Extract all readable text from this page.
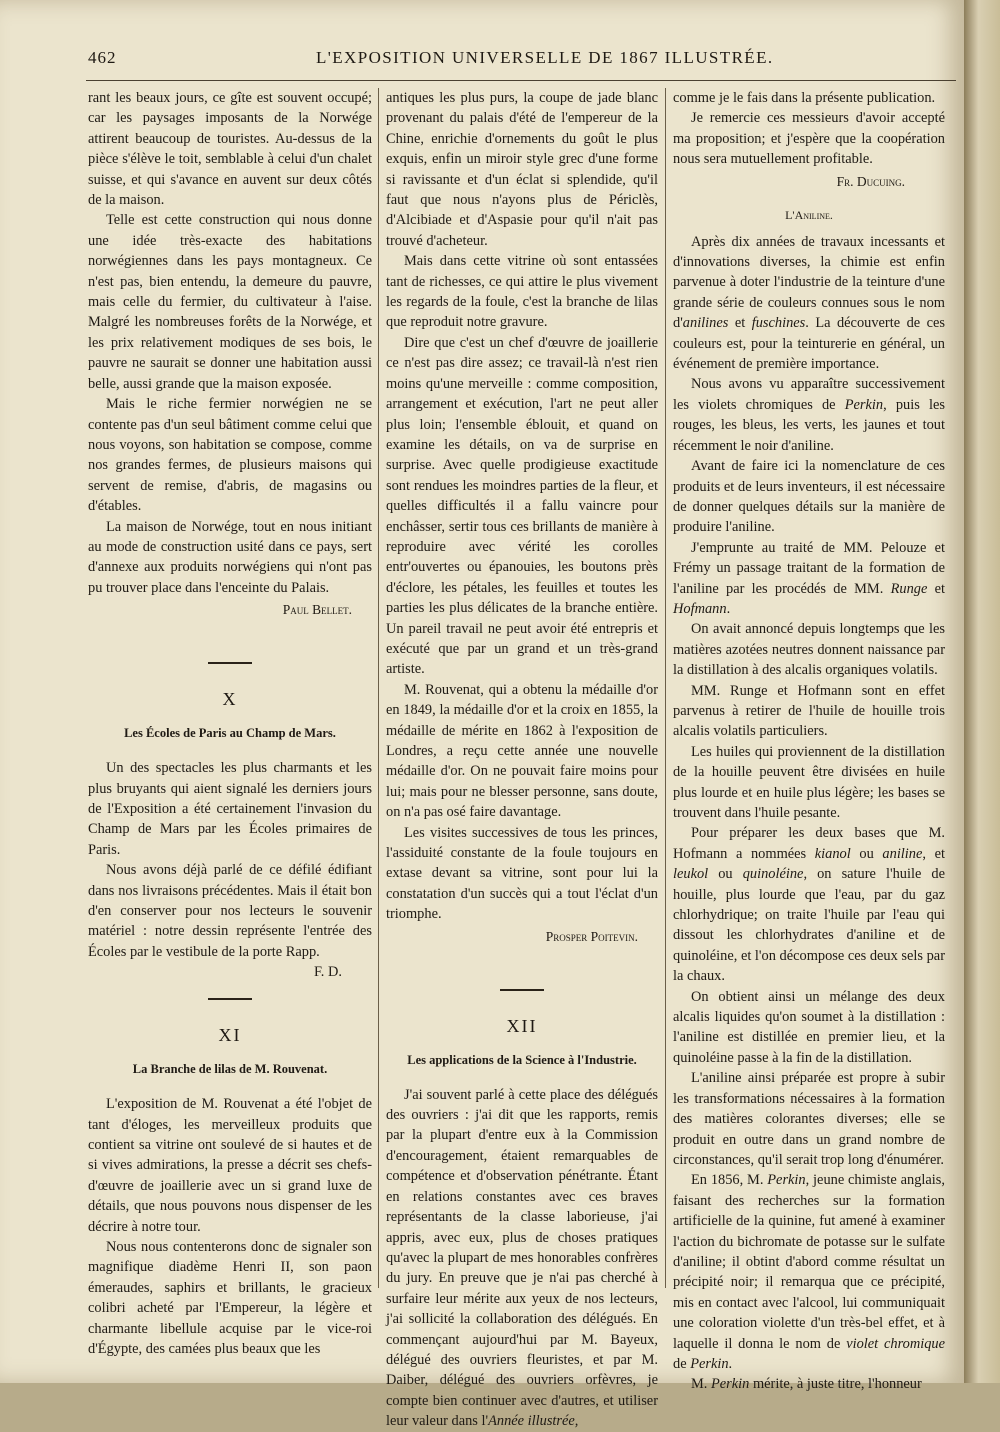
462	L'EXPOSITION UNIVERSELLE DE 1867 ILLUSTRÉE.

rant les beaux jours, ce gîte est souvent occupé; car les paysages imposants de la Norwége attirent beaucoup de touristes. Au-dessus de la pièce s'élève le toit, semblable à celui d'un chalet suisse, et qui s'avance en auvent sur deux côtés de la maison.

Telle est cette construction qui nous donne une idée très-exacte des habitations norwégiennes dans les pays montagneux. Ce n'est pas, bien entendu, la demeure du pauvre, mais celle du fermier, du cultivateur à l'aise. Malgré les nombreuses forêts de la Norwége, et les prix relativement modiques de ses bois, le pauvre ne saurait se donner une habitation aussi belle, aussi grande que la maison exposée.

Mais le riche fermier norwégien ne se contente pas d'un seul bâtiment comme celui que nous voyons, son habitation se compose, comme nos grandes fermes, de plusieurs maisons qui servent de remise, d'abris, de magasins ou d'étables.

La maison de Norwége, tout en nous initiant au mode de construction usité dans ce pays, sert d'annexe aux produits norwégiens qui n'ont pas pu trouver place dans l'enceinte du Palais.

Paul Bellet.
X
Les Écoles de Paris au Champ de Mars.

Un des spectacles les plus charmants et les plus bruyants qui aient signalé les derniers jours de l'Exposition a été certainement l'invasion du Champ de Mars par les Écoles primaires de Paris.

Nous avons déjà parlé de ce défilé édifiant dans nos livraisons précédentes. Mais il était bon d'en conserver pour nos lecteurs le souvenir matériel : notre dessin représente l'entrée des Écoles par le vestibule de la porte Rapp.
F. D.

XI
La Branche de lilas de M. Rouvenat.

L'exposition de M. Rouvenat a été l'objet de tant d'éloges, les merveilleux produits que contient sa vitrine ont soulevé de si hautes et de si vives admirations, la presse a décrit ses chefs-d'œuvre de joaillerie avec un si grand luxe de détails, que nous pouvons nous dispenser de les décrire à notre tour.

Nous nous contenterons donc de signaler son magnifique diadème Henri II, son paon émeraudes, saphirs et brillants, le gracieux colibri acheté par l'Empereur, la légère et charmante libellule acquise par le vice-roi d'Égypte, des camées plus beaux que les

antiques les plus purs, la coupe de jade blanc provenant du palais d'été de l'empereur de la Chine, enrichie d'ornements du goût le plus exquis, enfin un miroir style grec d'une forme si ravissante et d'un éclat si splendide, qu'il faut que nous n'ayons plus de Périclès, d'Alcibiade et d'Aspasie pour qu'il n'ait pas trouvé d'acheteur.

Mais dans cette vitrine où sont entassées tant de richesses, ce qui attire le plus vivement les regards de la foule, c'est la branche de lilas que reproduit notre gravure.

Dire que c'est un chef d'œuvre de joaillerie ce n'est pas dire assez; ce travail-là n'est rien moins qu'une merveille : comme composition, arrangement et exécution, l'art ne peut aller plus loin; l'ensemble éblouit, et quand on examine les détails, on va de surprise en surprise. Avec quelle prodigieuse exactitude sont rendues les moindres parties de la fleur, et quelles difficultés il a fallu vaincre pour enchâsser, sertir tous ces brillants de manière à reproduire avec vérité les corolles entr'ouvertes ou épanouies, les boutons près d'éclore, les pétales, les feuilles et toutes les parties les plus délicates de la branche entière. Un pareil travail ne peut avoir été entrepris et exécuté que par un grand et un très-grand artiste.

M. Rouvenat, qui a obtenu la médaille d'or en 1849, la médaille d'or et la croix en 1855, la médaille de mérite en 1862 à l'exposition de Londres, a reçu cette année une nouvelle médaille d'or. On ne pouvait faire moins pour lui; mais pour ne blesser personne, sans doute, on n'a pas osé faire davantage.

Les visites successives de tous les princes, l'assiduité constante de la foule toujours en extase devant sa vitrine, sont pour lui la constatation d'un succès qui a tout l'éclat d'un triomphe.

Prosper Poitevin.
XII
Les applications de la Science à l'Industrie.

J'ai souvent parlé à cette place des délégués des ouvriers : j'ai dit que les rapports, remis par la plupart d'entre eux à la Commission d'encouragement, étaient remarquables de compétence et d'observation pénétrante. Étant en relations constantes avec ces braves représentants de la classe laborieuse, j'ai appris, avec eux, plus de choses pratiques qu'avec la plupart de mes honorables confrères du jury. En preuve que je n'ai pas cherché à surfaire leur mérite aux yeux de nos lecteurs, j'ai sollicité la collaboration des délégués. En commençant aujourd'hui par M. Bayeux, délégué des ouvriers fleuristes, et par M. Daiber, délégué des ouvriers orfèvres, je compte bien continuer avec d'autres, et utiliser leur valeur dans l'Année illustrée,

comme je le fais dans la présente publication.

Je remercie ces messieurs d'avoir accepté ma proposition; et j'espère que la coopération nous sera mutuellement profitable.

Fr. Ducuing.
L'Aniline.

Après dix années de travaux incessants et d'innovations diverses, la chimie est enfin parvenue à doter l'industrie de la teinture d'une grande série de couleurs connues sous le nom d'anilines et fuschines. La découverte de ces couleurs est, pour la teinturerie en général, un événement de première importance.

Nous avons vu apparaître successivement les violets chromiques de Perkin, puis les rouges, les bleus, les verts, les jaunes et tout récemment le noir d'aniline.

Avant de faire ici la nomenclature de ces produits et de leurs inventeurs, il est nécessaire de donner quelques détails sur la manière de produire l'aniline.

J'emprunte au traité de MM. Pelouze et Frémy un passage traitant de la formation de l'aniline par les procédés de MM. Runge et Hofmann.

On avait annoncé depuis longtemps que les matières azotées neutres donnent naissance par la distillation à des alcalis organiques volatils.

MM. Runge et Hofmann sont en effet parvenus à retirer de l'huile de houille trois alcalis volatils particuliers.

Les huiles qui proviennent de la distillation de la houille peuvent être divisées en huile plus lourde et en huile plus légère; les bases se trouvent dans l'huile pesante.

Pour préparer les deux bases que M. Hofmann a nommées kianol ou aniline, et leukol ou quinoléine, on sature l'huile de houille, plus lourde que l'eau, par du gaz chlorhydrique; on traite l'huile par l'eau qui dissout les chlorhydrates d'aniline et de quinoléine, et l'on décompose ces deux sels par la chaux.

On obtient ainsi un mélange des deux alcalis liquides qu'on soumet à la distillation : l'aniline est distillée en premier lieu, et la quinoléine passe à la fin de la distillation.

L'aniline ainsi préparée est propre à subir les transformations nécessaires à la formation des matières colorantes diverses; elle se produit en outre dans un grand nombre de circonstances, qu'il serait trop long d'énumérer.

En 1856, M. Perkin, jeune chimiste anglais, faisant des recherches sur la formation artificielle de la quinine, fut amené à examiner l'action du bichromate de potasse sur le sulfate d'aniline; il obtint d'abord comme résultat un précipité noir; il remarqua que ce précipité, mis en contact avec l'alcool, lui communiquait une coloration violette d'un très-bel effet, et à laquelle il donna le nom de violet chromique de Perkin.

M. Perkin mérite, à juste titre, l'honneur
